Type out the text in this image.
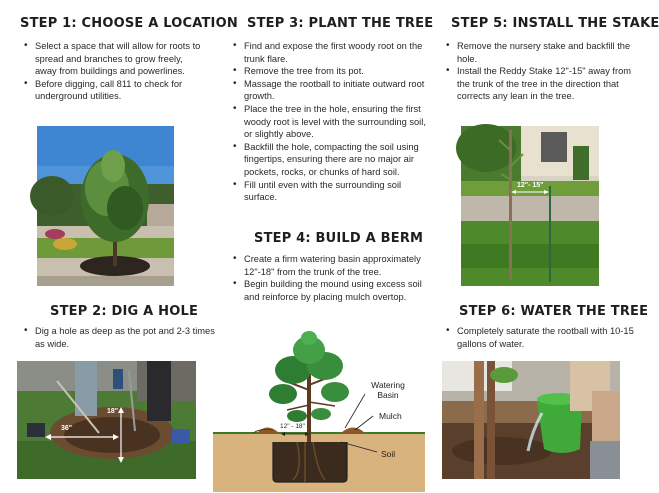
STEP 1: CHOOSE A LOCATION
• Select a space that will allow for roots to spread and branches to grow freely, away from buildings and powerlines.
• Before digging, call 811 to check for underground utilities.
STEP 2: DIG A HOLE
• Dig a hole as deep as the pot and 2-3 times as wide.
18"
36"
STEP 3: PLANT THE TREE
• Find and expose the first woody root on the trunk flare.
• Remove the tree from its pot.
• Massage the rootball to initiate outward root growth.
• Place the tree in the hole, ensuring the first woody root is level with the surrounding soil, or slightly above.
• Backfill the hole, compacting the soil using fingertips, ensuring there are no major air pockets, rocks, or chunks of hard soil.
• Fill until even with the surrounding soil surface.
STEP 4: BUILD A BERM
• Create a firm watering basin approximately 12"-18" from the trunk of the tree.
• Begin building the mound using excess soil and reinforce by placing mulch overtop.
Watering Basin
Mulch
Soil
12" - 18"
STEP 5: INSTALL THE STAKE
• Remove the nursery stake and backfill the hole.
• Install the Reddy Stake 12"-15" away from the trunk of the tree in the direction that corrects any lean in the tree.
12"- 15"
STEP 6: WATER THE TREE
• Completely saturate the rootball with 10-15 gallons of water.
